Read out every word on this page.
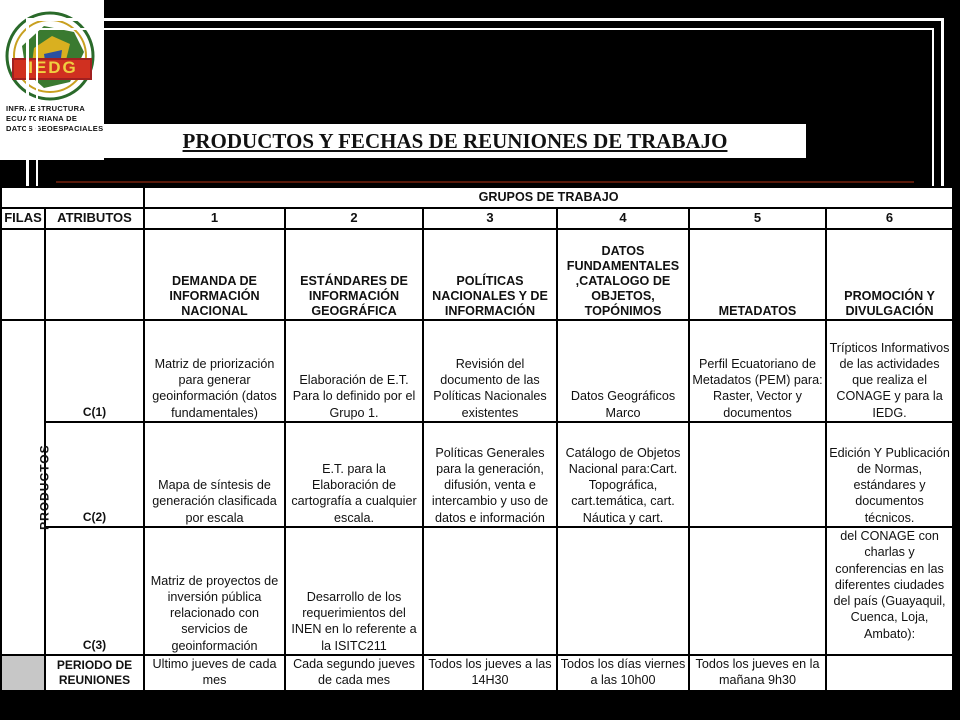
IEDG
INFRAESTRUCTURA
ECUATORIANA DE
DATOS GEOESPACIALES
PRODUCTOS Y FECHAS DE REUNIONES DE TRABAJO
		GRUPOS DE TRABAJO					
FILAS	ATRIBUTOS	1	2	3	4	5	6
		DEMANDA DE INFORMACIÓN NACIONAL	ESTÁNDARES DE INFORMACIÓN GEOGRÁFICA	POLÍTICAS NACIONALES Y DE INFORMACIÓN	DATOS FUNDAMENTALES ,CATALOGO DE OBJETOS, TOPÓNIMOS	METADATOS	PROMOCIÓN Y DIVULGACIÓN
PRODUCTOS	C(1)	Matriz de priorización para generar geoinformación (datos fundamentales)	Elaboración de E.T. Para lo definido por el Grupo 1.	Revisión del documento de las Políticas Nacionales existentes	Datos Geográficos Marco	Perfil Ecuatoriano de Metadatos (PEM) para: Raster, Vector y documentos	Trípticos Informativos de las actividades que realiza el CONAGE y para la IEDG.
	C(2)	Mapa de síntesis de generación clasificada por escala	E.T. para la Elaboración de cartografía a cualquier escala.	Políticas Generales para la generación, difusión, venta e intercambio y uso de datos e información	Catálogo de Objetos Nacional para:Cart. Topográfica, cart.temática, cart. Náutica y cart.		Edición Y Publicación de Normas, estándares y documentos técnicos.
	C(3)	Matriz de proyectos de inversión pública relacionado con servicios de geoinformación	Desarrollo de los requerimientos del INEN en lo referente a la ISITC211				del CONAGE con charlas y conferencias en las diferentes ciudades del país (Guayaquil, Cuenca, Loja, Ambato):
	PERIODO DE REUNIONES	Ultimo jueves de cada mes	Cada segundo jueves de cada mes	Todos los jueves a las 14H30	Todos los días viernes a las 10h00	Todos los jueves en la mañana 9h30	
